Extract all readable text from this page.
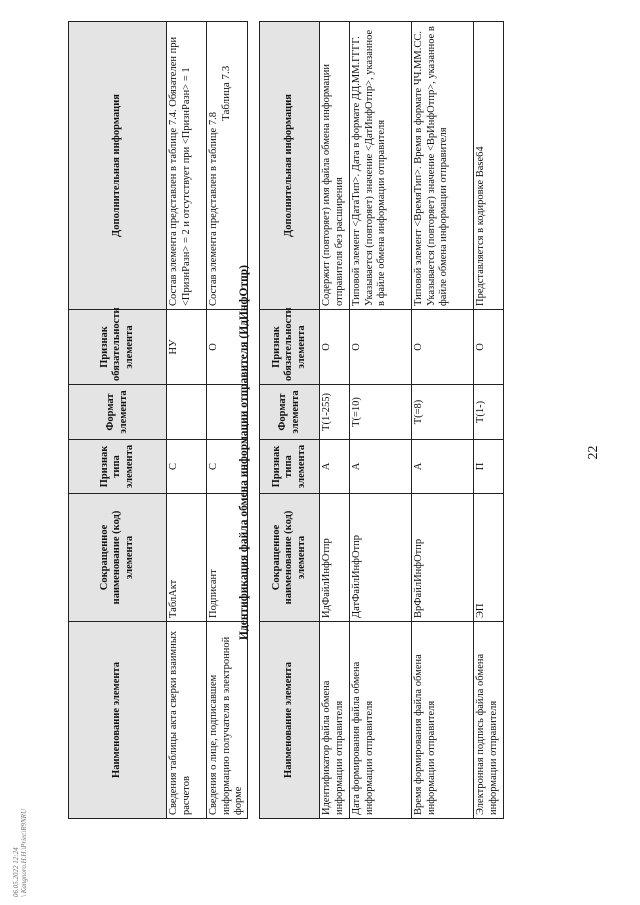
06.05.2022 12:24 \ Kangnoro.H.H.\Priec\R9NRU
22
Наименование элемента	Сокращенное наименование (код) элемента	Признак типа элемента	Формат элемента	Признак обязательности элемента	Дополнительная информация
Сведения таблицы акта сверки взаимных расчетов	ТаблАкт	С		НУ	Состав элемента представлен в таблице 7.4. Обязателен при <ПризнРазн> = 2 и отсутствует при <ПризнРазн> = 1
Сведения о лице, подписавшем информацию получателя в электронной форме	Подписант	С		О	Состав элемента представлен в таблице 7.8
Таблица 7.3
Идентификация файла обмена информации отправителя (ИдИнфОтпр)
Наименование элемента	Сокращенное наименование (код) элемента	Признак типа элемента	Формат элемента	Признак обязательности элемента	Дополнительная информация
Идентификатор файла обмена информации отправителя	ИдФайлИнфОтпр	А	Т(1-255)	О	Содержит (повторяет) имя файла обмена информации отправителя без расширения
Дата формирования файла обмена информации отправителя	ДатФайлИнфОтпр	А	Т(=10)	О	Типовой элемент <ДатаТип>. Дата в формате ДД.ММ.ГГГГ. Указывается (повторяет) значение <ДатИнфОтпр>, указанное в файле обмена информации отправителя
Время формирования файла обмена информации отправителя	ВрФайлИнфОтпр	А	Т(=8)	О	Типовой элемент <ВремяТип>. Время в формате ЧЧ.ММ.СС. Указывается (повторяет) значение <ВрИнфОтпр>, указанное в файле обмена информации отправителя
Электронная подпись файла обмена информации отправителя	ЭП	П	Т(1-)	О	Представляется в кодировке Base64
